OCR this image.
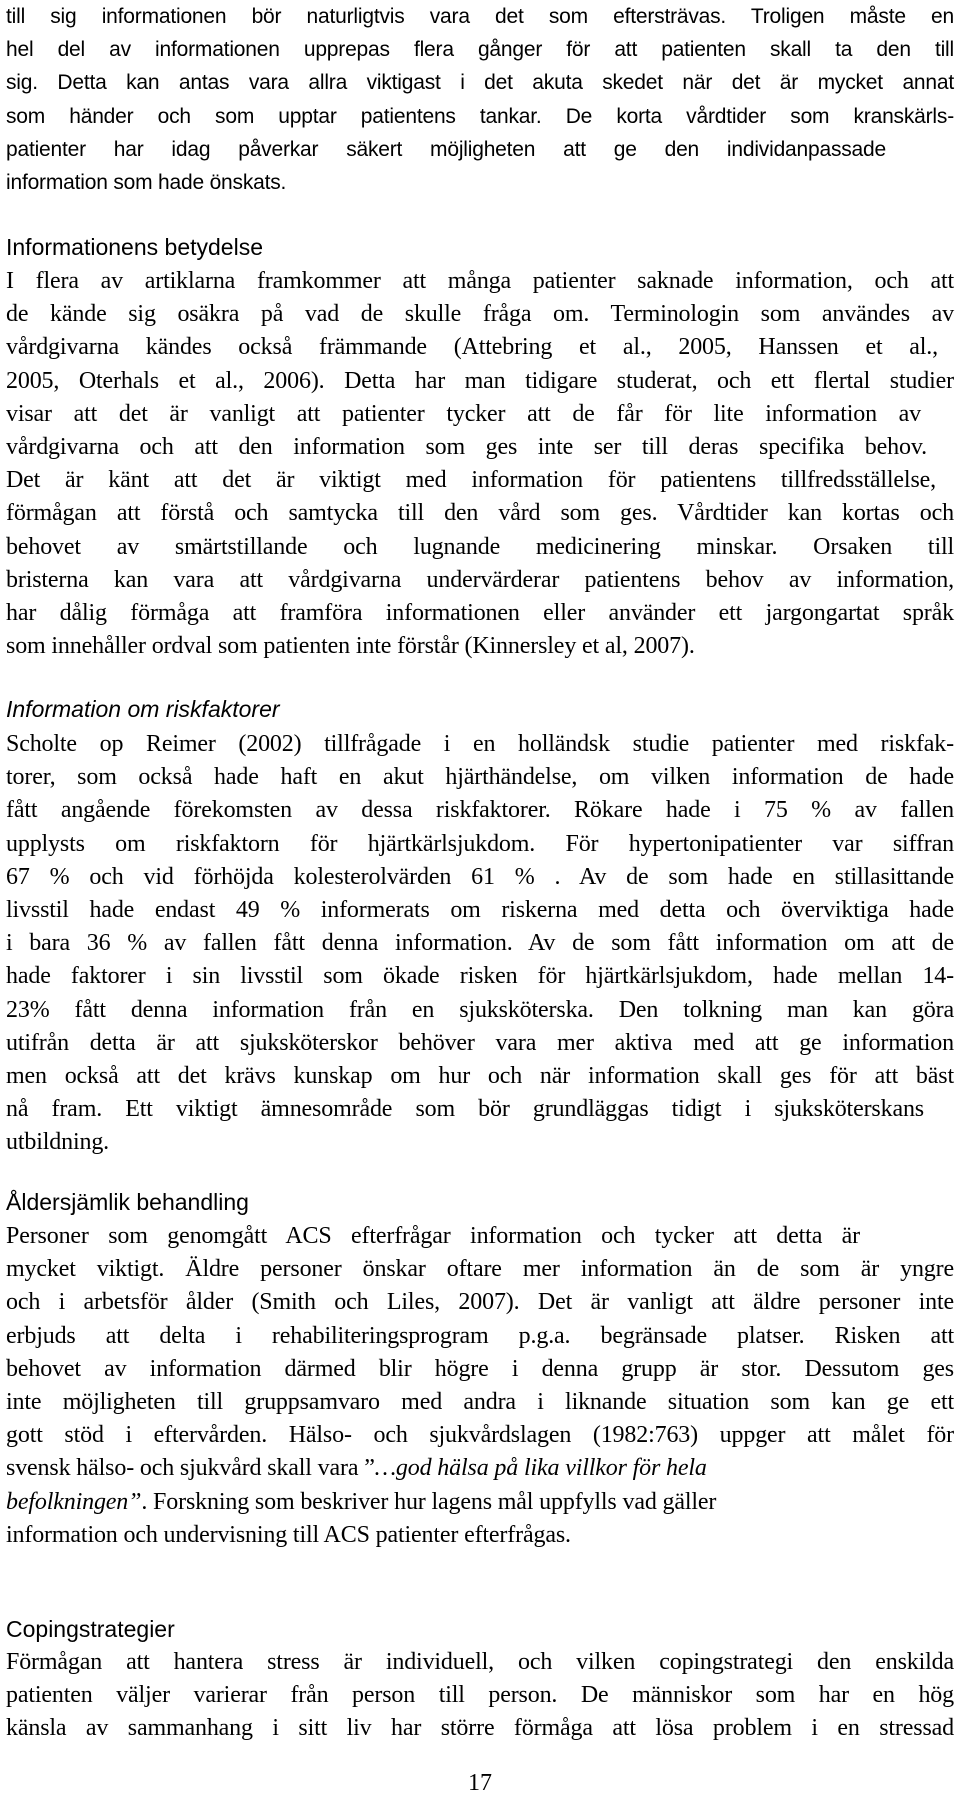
till sig informationen bör naturligtvis vara det som eftersträvas. Troligen måste en
hel del av informationen upprepas flera gånger för att patienten skall ta den till
sig. Detta kan antas vara allra viktigast i det akuta skedet när det är mycket annat
som händer och som upptar patientens tankar. De korta vårdtider som kranskärls-
patienter har idag påverkar säkert möjligheten att ge den individanpassade
information som hade önskats.
Informationens betydelse
I flera av artiklarna framkommer att många patienter saknade information, och att
de kände sig osäkra på vad de skulle fråga om. Terminologin som användes av
vårdgivarna kändes också främmande (Attebring et al., 2005, Hanssen et al.,
2005, Oterhals et al., 2006). Detta har man tidigare studerat, och ett flertal studier
visar att det är vanligt att patienter tycker att de får för lite information av
vårdgivarna och att den information som ges inte ser till deras specifika behov.
Det är känt att det är viktigt med information för patientens tillfredsställelse,
förmågan att förstå och samtycka till den vård som ges. Vårdtider kan kortas och
behovet av smärtstillande och lugnande medicinering minskar. Orsaken till
bristerna kan vara att vårdgivarna undervärderar patientens behov av information,
har dålig förmåga att framföra informationen eller använder ett jargongartat språk
som innehåller ordval som patienten inte förstår (Kinnersley et al, 2007).
Information om riskfaktorer
Scholte op Reimer (2002) tillfrågade i en holländsk studie patienter med riskfak-
torer, som också hade haft en akut hjärthändelse, om vilken information de hade
fått angående förekomsten av dessa riskfaktorer. Rökare hade i 75 % av fallen
upplysts om riskfaktorn för hjärtkärlsjukdom. För hypertonipatienter var siffran
67 % och vid förhöjda kolesterolvärden 61 % . Av de som hade en stillasittande
livsstil hade endast 49 % informerats om riskerna med detta och överviktiga hade
i bara 36 % av fallen fått denna information. Av de som fått information om att de
hade faktorer i sin livsstil som ökade risken för hjärtkärlsjukdom, hade mellan 14-
23% fått denna information från en sjuksköterska. Den tolkning man kan göra
utifrån detta är att sjuksköterskor behöver vara mer aktiva med att ge information
men också att det krävs kunskap om hur och när information skall ges för att bäst
nå fram. Ett viktigt ämnesområde som bör grundläggas tidigt i sjuksköterskans
utbildning.
Åldersjämlik behandling
Personer som genomgått ACS efterfrågar information och tycker att detta är
mycket viktigt. Äldre personer önskar oftare mer information än de som är yngre
och i arbetsför ålder (Smith och Liles, 2007). Det är vanligt att äldre personer inte
erbjuds att delta i rehabiliteringsprogram p.g.a. begränsade platser. Risken att
behovet av information därmed blir högre i denna grupp är stor. Dessutom ges
inte möjligheten till gruppsamvaro med andra i liknande situation som kan ge ett
gott stöd i eftervården. Hälso- och sjukvårdslagen (1982:763) uppger att målet för
svensk hälso- och sjukvård skall vara ”…god hälsa på lika villkor för hela
befolkningen”. Forskning som beskriver hur lagens mål uppfylls vad gäller
information och undervisning till ACS patienter efterfrågas.
Copingstrategier
Förmågan att hantera stress är individuell, och vilken copingstrategi den enskilda
patienten väljer varierar från person till person. De människor som har en hög
känsla av sammanhang i sitt liv har större förmåga att lösa problem i en stressad
17
